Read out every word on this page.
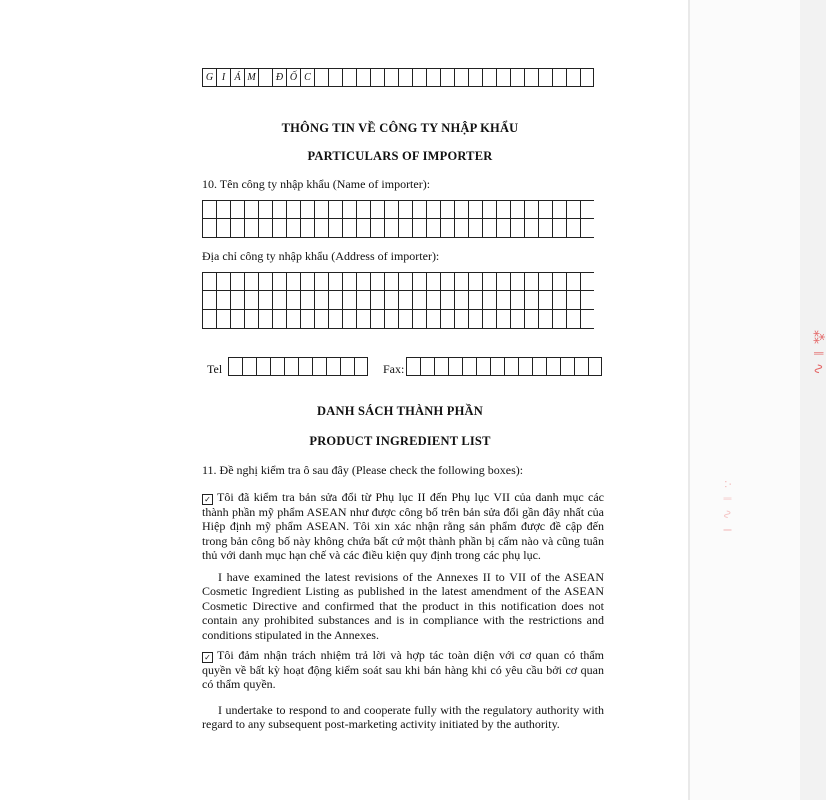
⁂ ‖ ∿
∴ ‖ ∿ ‖
G I Á M	Đ Ố C
THÔNG TIN VỀ CÔNG TY NHẬP KHẨU
PARTICULARS OF IMPORTER
10. Tên công ty nhập khẩu (Name of importer):
Địa chỉ công ty nhập khẩu (Address of importer):
Tel	Fax:
DANH SÁCH THÀNH PHẦN
PRODUCT INGREDIENT LIST
11. Đề nghị kiểm tra ô sau đây (Please check the following boxes):
✓ Tôi đã kiểm tra bản sửa đổi từ Phụ lục II đến Phụ lục VII của danh mục các thành phần mỹ phẩm ASEAN như được công bố trên bản sửa đổi gần đây nhất của Hiệp định mỹ phẩm ASEAN. Tôi xin xác nhận rằng sản phẩm được đề cập đến trong bản công bố này không chứa bất cứ một thành phần bị cấm nào và cũng tuân thủ với danh mục hạn chế và các điều kiện quy định trong các phụ lục.
I have examined the latest revisions of the Annexes II to VII of the ASEAN Cosmetic Ingredient Listing as published in the latest amendment of the ASEAN Cosmetic Directive and confirmed that the product in this notification does not contain any prohibited substances and is in compliance with the restrictions and conditions stipulated in the Annexes.
✓ Tôi đảm nhận trách nhiệm trả lời và hợp tác toàn diện với cơ quan có thẩm quyền về bất kỳ hoạt động kiểm soát sau khi bán hàng khi có yêu cầu bởi cơ quan có thẩm quyền.
I undertake to respond to and cooperate fully with the regulatory authority with regard to any subsequent post-marketing activity initiated by the authority.
